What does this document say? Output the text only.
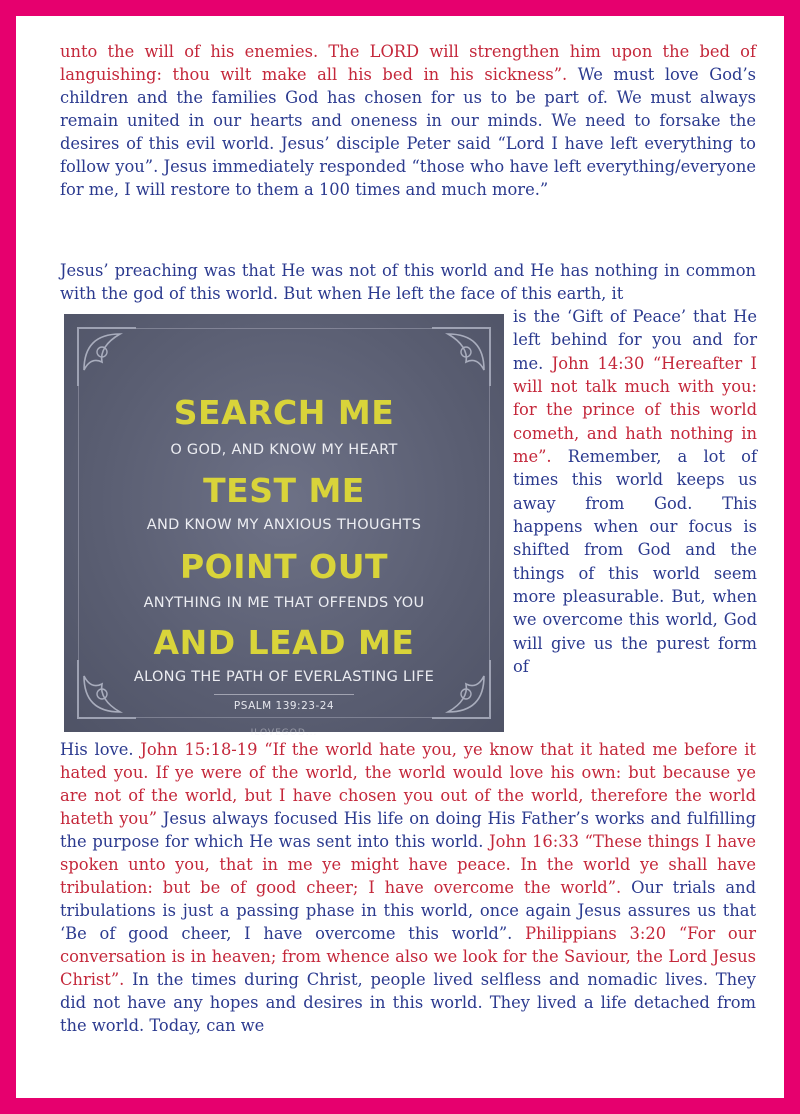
unto the will of his enemies. The LORD will strengthen him upon the bed of languishing: thou wilt make all his bed in his sickness”. We must love God’s children and the families God has chosen for us to be part of. We must always remain united in our hearts and oneness in our minds. We need to forsake the desires of this evil world. Jesus’ disciple Peter said “Lord I have left everything to follow you”. Jesus immediately responded “those who have left everything/everyone for me, I will restore to them a 100 times and much more.”
Jesus’ preaching was that He was not of this world and He has nothing in common with the god of this world. But when He left the face of this earth, it
SEARCH ME
O GOD, AND KNOW MY HEART
TEST ME
AND KNOW MY ANXIOUS THOUGHTS
POINT OUT
ANYTHING IN ME THAT OFFENDS YOU
AND LEAD ME
ALONG THE PATH OF EVERLASTING LIFE
PSALM 139:23-24
ILOVEGOD...
is the ‘Gift of Peace’ that He left behind for you and for me. John 14:30 “Hereafter I will not talk much with you: for the prince of this world cometh, and hath nothing in me”. Remember, a lot of times this world keeps us away from God. This happens when our focus is shifted from God and the things of this world seem more pleasurable. But, when we overcome this world, God will give us the purest form of
His love. John 15:18-19 “If the world hate you, ye know that it hated me before it hated you. If ye were of the world, the world would love his own: but because ye are not of the world, but I have chosen you out of the world, therefore the world hateth you” Jesus always focused His life on doing His Father’s works and fulfilling the purpose for which He was sent into this world. John 16:33 “These things I have spoken unto you, that in me ye might have peace. In the world ye shall have tribulation: but be of good cheer; I have overcome the world”. Our trials and tribulations is just a passing phase in this world, once again Jesus assures us that ‘Be of good cheer, I have overcome this world”. Philippians 3:20 “For our conversation is in heaven; from whence also we look for the Saviour, the Lord Jesus Christ”. In the times during Christ, people lived selfless and nomadic lives. They did not have any hopes and desires in this world. They lived a life detached from the world. Today, can we
